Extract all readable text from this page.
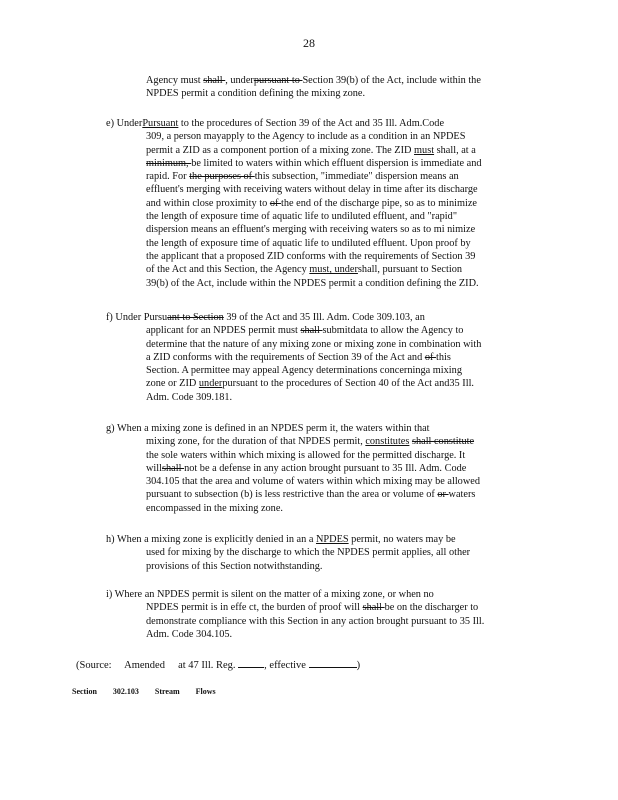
28
Agency must shall , underpursuant to Section 39(b) of the Act, include within the
NPDES permit a condition defining the mixing zone.
e) UnderPursuant to the procedures of Section 39 of the Act and 35 Ill. Adm.Code
309, a person mayapply to the Agency to include as a condition in an NPDES
permit a ZID as a component portion of a mixing zone. The ZID must shall, at a
minimum, be limited to waters within which effluent dispersion is immediate and
rapid. For the purposes of this subsection, "immediate" dispersion means an
effluent's merging with receiving waters without delay in time after its discharge
and within close proximity to of the end of the discharge pipe, so as to minimize
the length of exposure time of aquatic life to undiluted effluent, and "rapid"
dispersion means an effluent's merging with receiving waters so as to mi nimize
the length of exposure time of aquatic life to undiluted effluent. Upon proof by
the applicant that a proposed ZID conforms with the requirements of Section 39
of the Act and this Section, the Agency must, undershall, pursuant to Section
39(b) of the Act, include within the NPDES permit a condition defining the ZID.
f) Under Pursuant to Section 39 of the Act and 35 Ill. Adm. Code 309.103, an
applicant for an NPDES permit must shall submitdata to allow the Agency to
determine that the nature of any mixing zone or mixing zone in combination with
a ZID conforms with the requirements of Section 39 of the Act and of this
Section. A permittee may appeal Agency determinations concerninga mixing
zone or ZID underpursuant to the procedures of Section 40 of the Act and35 Ill.
Adm. Code 309.181.
g) When a mixing zone is defined in an NPDES perm it, the waters within that
mixing zone, for the duration of that NPDES permit, constitutes shall constitute
the sole waters within which mixing is allowed for the permitted discharge. It
willshall not be a defense in any action brought pursuant to 35 Ill. Adm. Code
304.105 that the area and volume of waters within which mixing may be allowed
pursuant to subsection (b) is less restrictive than the area or volume of or waters
encompassed in the mixing zone.
h) When a mixing zone is explicitly denied in an a NPDES permit, no waters may be
used for mixing by the discharge to which the NPDES permit applies, all other
provisions of this Section notwithstanding.
i) Where an NPDES permit is silent on the matter of a mixing zone, or when no
NPDES permit is in effe ct, the burden of proof will shall be on the discharger to
demonstrate compliance with this Section in any action brought pursuant to 35 Ill.
Adm. Code 304.105.
(Source: Amended at 47 Ill. Reg.	, effective	)
Section 302.103 Stream Flows
